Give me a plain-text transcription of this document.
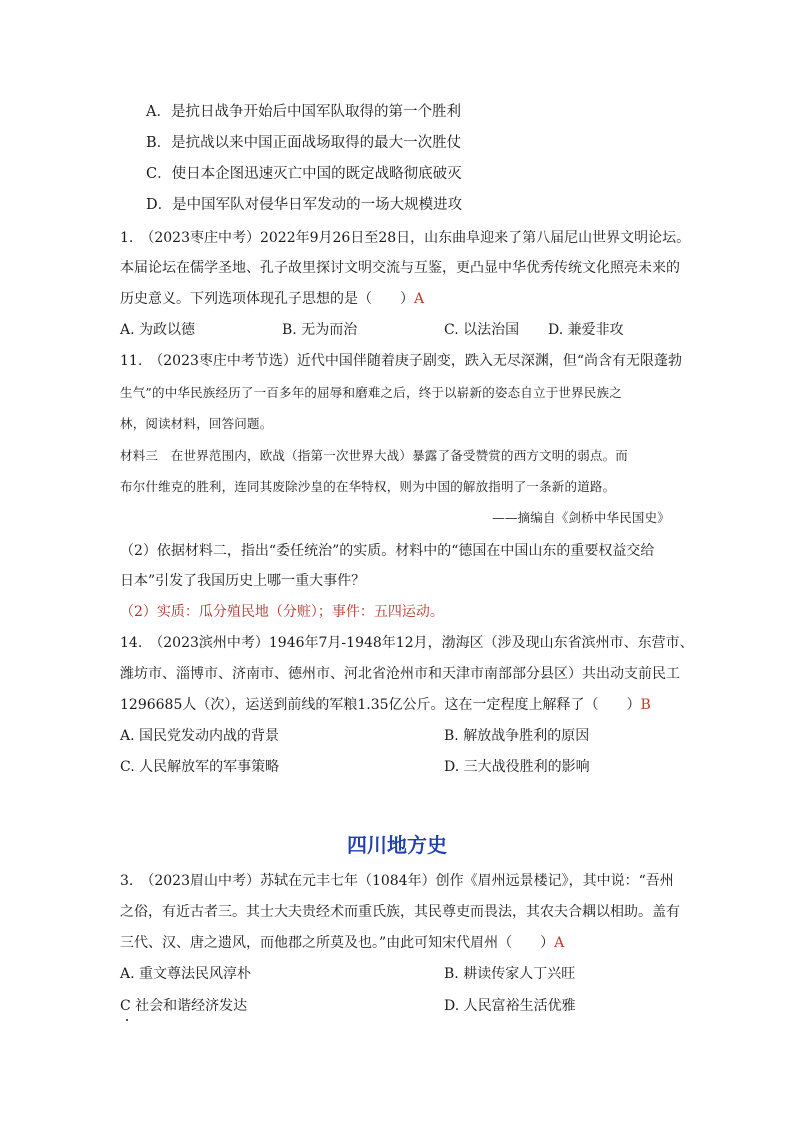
A．是抗日战争开始后中国军队取得的第一个胜利
B．是抗战以来中国正面战场取得的最大一次胜仗
C．使日本企图迅速灭亡中国的既定战略彻底破灭
D．是中国军队对侵华日军发动的一场大规模进攻
1.　（2023枣庄中考）2022年9月26日至28日，山东曲阜迎来了第八届尼山世界文明论坛。
本届论坛在儒学圣地、孔子故里探讨文明交流与互鉴，更凸显中华优秀传统文化照亮未来的
历史意义。下列选项体现孔子思想的是（　　）A
A. 为政以德	B. 无为而治	C. 以法治国 D. 兼爱非攻
11.　（2023枣庄中考节选）近代中国伴随着庚子剧变，跌入无尽深渊，但“尚含有无限蓬勃
生气”的中华民族经历了一百多年的屈辱和磨难之后，终于以崭新的姿态自立于世界民族之
林，阅读材料，回答问题。
材料三　在世界范围内，欧战（指第一次世界大战）暴露了备受赞赏的西方文明的弱点。而
布尔什维克的胜利，连同其废除沙皇的在华特权，则为中国的解放指明了一条新的道路。
——摘编自《剑桥中华民国史》
（2）依据材料二，指出“委任统治”的实质。材料中的“德国在中国山东的重要权益交给
日本”引发了我国历史上哪一重大事件？
（2）实质：瓜分殖民地（分赃）；事件：五四运动。
14.　（2023滨州中考）1946年7月-1948年12月，渤海区（涉及现山东省滨州市、东营市、
潍坊市、淄博市、济南市、德州市、河北省沧州市和天津市南部部分县区）共出动支前民工
1296685人（次），运送到前线的军粮1.35亿公斤。这在一定程度上解释了（　　）B
A. 国民党发动内战的背景	B. 解放战争胜利的原因
C. 人民解放军的军事策略	D. 三大战役胜利的影响
四川地方史
3.　（2023眉山中考）苏轼在元丰七年（1084年）创作《眉州远景楼记》，其中说：“吾州
之俗，有近古者三。其士大夫贵经术而重氏族，其民尊吏而畏法，其农夫合耦以相助。盖有
三代、汉、唐之遗风，而他郡之所莫及也。”由此可知宋代眉州（　　）A
A. 重文尊法民风淳朴	B. 耕读传家人丁兴旺
C 社会和谐经济发达	D. 人民富裕生活优雅
